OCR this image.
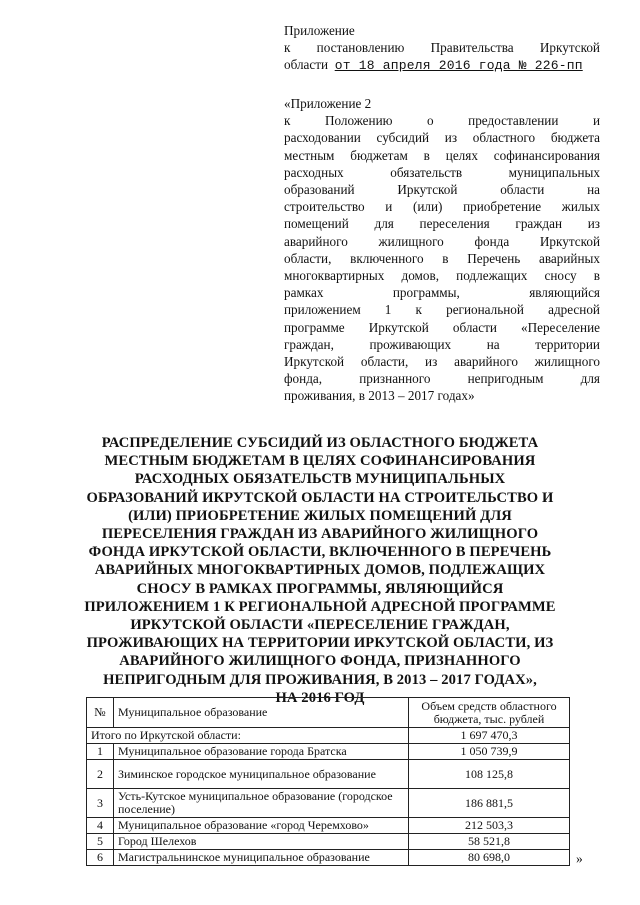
Приложение
к постановлению Правительства Иркутской
области от 18 апреля 2016 года № 226-пп
«Приложение 2
к Положению о предоставлении и
расходовании субсидий из областного бюджета
местным бюджетам в целях софинансирования
расходных обязательств муниципальных
образований Иркутской области на
строительство и (или) приобретение жилых
помещений для переселения граждан из
аварийного жилищного фонда Иркутской
области, включенного в Перечень аварийных
многоквартирных домов, подлежащих сносу в
рамках программы, являющийся
приложением 1 к региональной адресной
программе Иркутской области «Переселение
граждан, проживающих на территории
Иркутской области, из аварийного жилищного
фонда, признанного непригодным для
проживания, в 2013 – 2017 годах»
РАСПРЕДЕЛЕНИЕ СУБСИДИЙ ИЗ ОБЛАСТНОГО БЮДЖЕТА
МЕСТНЫМ БЮДЖЕТАМ В ЦЕЛЯХ СОФИНАНСИРОВАНИЯ
РАСХОДНЫХ ОБЯЗАТЕЛЬСТВ МУНИЦИПАЛЬНЫХ
ОБРАЗОВАНИЙ ИКРУТСКОЙ ОБЛАСТИ НА СТРОИТЕЛЬСТВО И
(ИЛИ) ПРИОБРЕТЕНИЕ ЖИЛЫХ ПОМЕЩЕНИЙ ДЛЯ
ПЕРЕСЕЛЕНИЯ ГРАЖДАН ИЗ АВАРИЙНОГО ЖИЛИЩНОГО
ФОНДА ИРКУТСКОЙ ОБЛАСТИ, ВКЛЮЧЕННОГО В ПЕРЕЧЕНЬ
АВАРИЙНЫХ МНОГОКВАРТИРНЫХ ДОМОВ, ПОДЛЕЖАЩИХ
СНОСУ В РАМКАХ ПРОГРАММЫ, ЯВЛЯЮЩИЙСЯ
ПРИЛОЖЕНИЕМ 1 К РЕГИОНАЛЬНОЙ АДРЕСНОЙ ПРОГРАММЕ
ИРКУТСКОЙ ОБЛАСТИ «ПЕРЕСЕЛЕНИЕ ГРАЖДАН,
ПРОЖИВАЮЩИХ НА ТЕРРИТОРИИ ИРКУТСКОЙ ОБЛАСТИ, ИЗ
АВАРИЙНОГО ЖИЛИЩНОГО ФОНДА, ПРИЗНАННОГО
НЕПРИГОДНЫМ ДЛЯ ПРОЖИВАНИЯ, В 2013 – 2017 ГОДАХ»,
НА 2016 ГОД
№	Муниципальное образование	Объем средств областного бюджета, тыс. рублей
Итого по Иркутской области:		1 697 470,3
1	Муниципальное образование города Братска	1 050 739,9
2	Зиминское городское муниципальное образование	108 125,8
3	Усть-Кутское муниципальное образование (городское поселение)	186 881,5
4	Муниципальное образование «город Черемхово»	212 503,3
5	Город Шелехов	58 521,8
6	Магистральнинское муниципальное образование	80 698,0	»
